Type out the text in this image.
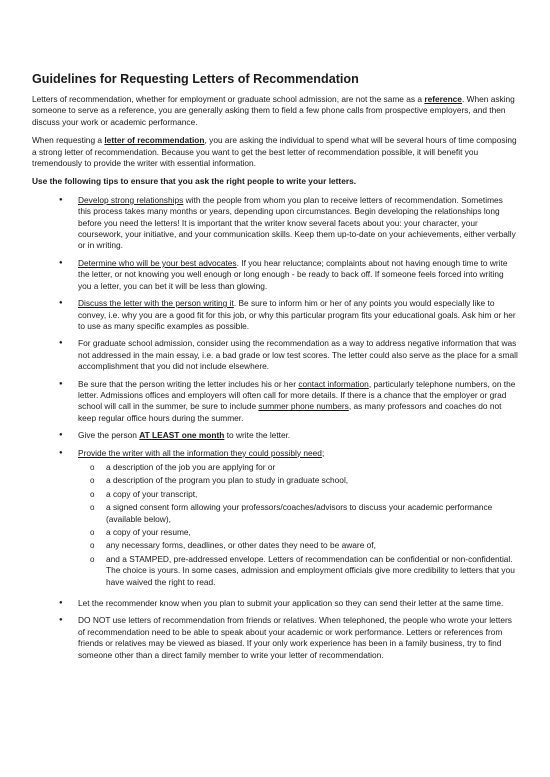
Guidelines for Requesting Letters of Recommendation

Letters of recommendation, whether for employment or graduate school admission, are not the same as a reference. When asking someone to serve as a reference, you are generally asking them to field a few phone calls from prospective employers, and then discuss your work or academic performance.

When requesting a letter of recommendation, you are asking the individual to spend what will be several hours of time composing a strong letter of recommendation. Because you want to get the best letter of recommendation possible, it will benefit you tremendously to provide the writer with essential information.

Use the following tips to ensure that you ask the right people to write your letters.

● Develop strong relationships with the people from whom you plan to receive letters of recommendation. Sometimes this process takes many months or years, depending upon circumstances. Begin developing the relationships long before you need the letters! It is important that the writer know several facets about you: your character, your coursework, your initiative, and your communication skills. Keep them up-to-date on your achievements, either verbally or in writing.
● Determine who will be your best advocates. If you hear reluctance; complaints about not having enough time to write the letter, or not knowing you well enough or long enough - be ready to back off. If someone feels forced into writing you a letter, you can bet it will be less than glowing.
● Discuss the letter with the person writing it. Be sure to inform him or her of any points you would especially like to convey, i.e. why you are a good fit for this job, or why this particular program fits your educational goals. Ask him or her to use as many specific examples as possible.
● For graduate school admission, consider using the recommendation as a way to address negative information that was not addressed in the main essay, i.e. a bad grade or low test scores. The letter could also serve as the place for a small accomplishment that you did not include elsewhere.
● Be sure that the person writing the letter includes his or her contact information, particularly telephone numbers, on the letter. Admissions offices and employers will often call for more details. If there is a chance that the employer or grad school will call in the summer, be sure to include summer phone numbers, as many professors and coaches do not keep regular office hours during the summer.
● Give the person AT LEAST one month to write the letter.
● Provide the writer with all the information they could possibly need;
o a description of the job you are applying for or
o a description of the program you plan to study in graduate school,
o a copy of your transcript,
o a signed consent form allowing your professors/coaches/advisors to discuss your academic performance (available below),
o a copy of your resume,
o any necessary forms, deadlines, or other dates they need to be aware of,
o and a STAMPED, pre-addressed envelope. Letters of recommendation can be confidential or non-confidential. The choice is yours. In some cases, admission and employment officials give more credibility to letters that you have waived the right to read.
● Let the recommender know when you plan to submit your application so they can send their letter at the same time.
● DO NOT use letters of recommendation from friends or relatives. When telephoned, the people who wrote your letters of recommendation need to be able to speak about your academic or work performance. Letters or references from friends or relatives may be viewed as biased. If your only work experience has been in a family business, try to find someone other than a direct family member to write your letter of recommendation.
